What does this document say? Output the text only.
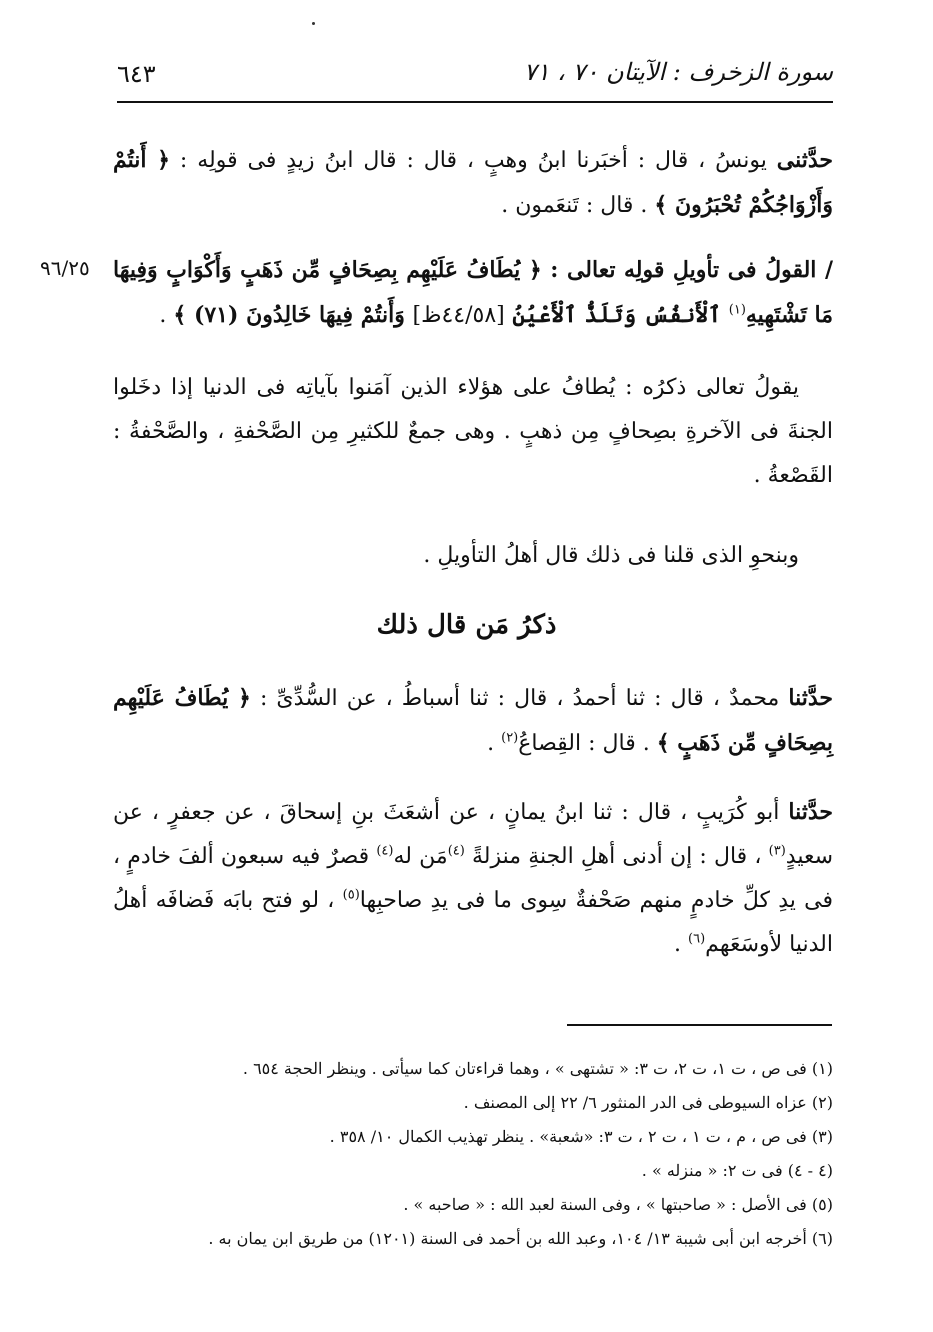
سورة الزخرف : الآيتان ٧٠ ، ٧١
٦٤٣
٩٦/٢٥
حدَّثنى يونسُ ، قال : أخبَرنا ابنُ وهبٍ ، قال : قال ابنُ زيدٍ فى قولِه : ﴿ أَنتُمْ وَأَزْوَاجُكُمْ تُحْبَرُونَ ﴾ . قال : تَنعَمون .
/ القولُ فى تأويلِ قولِه تعالى : ﴿ يُطَافُ عَلَيْهِم بِصِحَافٍ مِّن ذَهَبٍ وَأَكْوَابٍ وَفِيهَا مَا تَشْتَهِيهِ$^{(١)}$ ٱلْأَنفُسُ وَتَلَذُّ ٱلْأَعْيُنُ [٤٤/٥٨ظ] وَأَنتُمْ فِيهَا خَالِدُونَ (٧١) ﴾ .
يقولُ تعالى ذكرُه : يُطافُ على هؤلاء الذين آمَنوا بآياتِه فى الدنيا إذا دخَلوا الجنةَ فى الآخرةِ بصِحافٍ مِن ذهبٍ . وهى جمعٌ للكثيرِ مِن الصَّحْفةِ ، والصَّحْفةُ : القَصْعةُ .
وبنحوِ الذى قلنا فى ذلك قال أهلُ التأويلِ .
ذكرُ مَن قال ذلك
حدَّثنا محمدٌ ، قال : ثنا أحمدُ ، قال : ثنا أسباطُ ، عن السُّدِّىِّ : ﴿ يُطَافُ عَلَيْهِم بِصِحَافٍ مِّن ذَهَبٍ ﴾ . قال : القِصاعُ$^{(٢)}$ .
حدَّثنا أبو كُرَيبٍ ، قال : ثنا ابنُ يمانٍ ، عن أشعَثَ بنِ إسحاقَ ، عن جعفرٍ ، عن سعيدٍ$^{(٣)}$ ، قال : إن أدنى أهلِ الجنةِ منزلةً $^{(٤)}$مَن له$^{(٤)}$ قصرٌ فيه سبعون ألفَ خادمٍ ، فى يدِ كلِّ خادمٍ منهم صَحْفةٌ سِوى ما فى يدِ صاحبِها$^{(٥)}$ ، لو فتح بابَه فَضافَه أهلُ الدنيا لأوسَعَهم$^{(٦)}$ .
(١) فى ص ، ت ١، ت ٢، ت ٣: « تشتهى » ، وهما قراءتان كما سيأتى . وينظر الحجة ٦٥٤ .
(٢) عزاه السيوطى فى الدر المنثور ٦/ ٢٢ إلى المصنف .
(٣) فى ص ، م ، ت ١ ، ت ٢ ، ت ٣: «شعبة» . ينظر تهذيب الكمال ١٠/ ٣٥٨ .
(٤ - ٤) فى ت ٢: « منزله » .
(٥) فى الأصل : « صاحبتها » ، وفى السنة لعبد الله : « صاحبه » .
(٦) أخرجه ابن أبى شيبة ١٣/ ١٠٤، وعبد الله بن أحمد فى السنة (١٢٠١) من طريق ابن يمان به .
